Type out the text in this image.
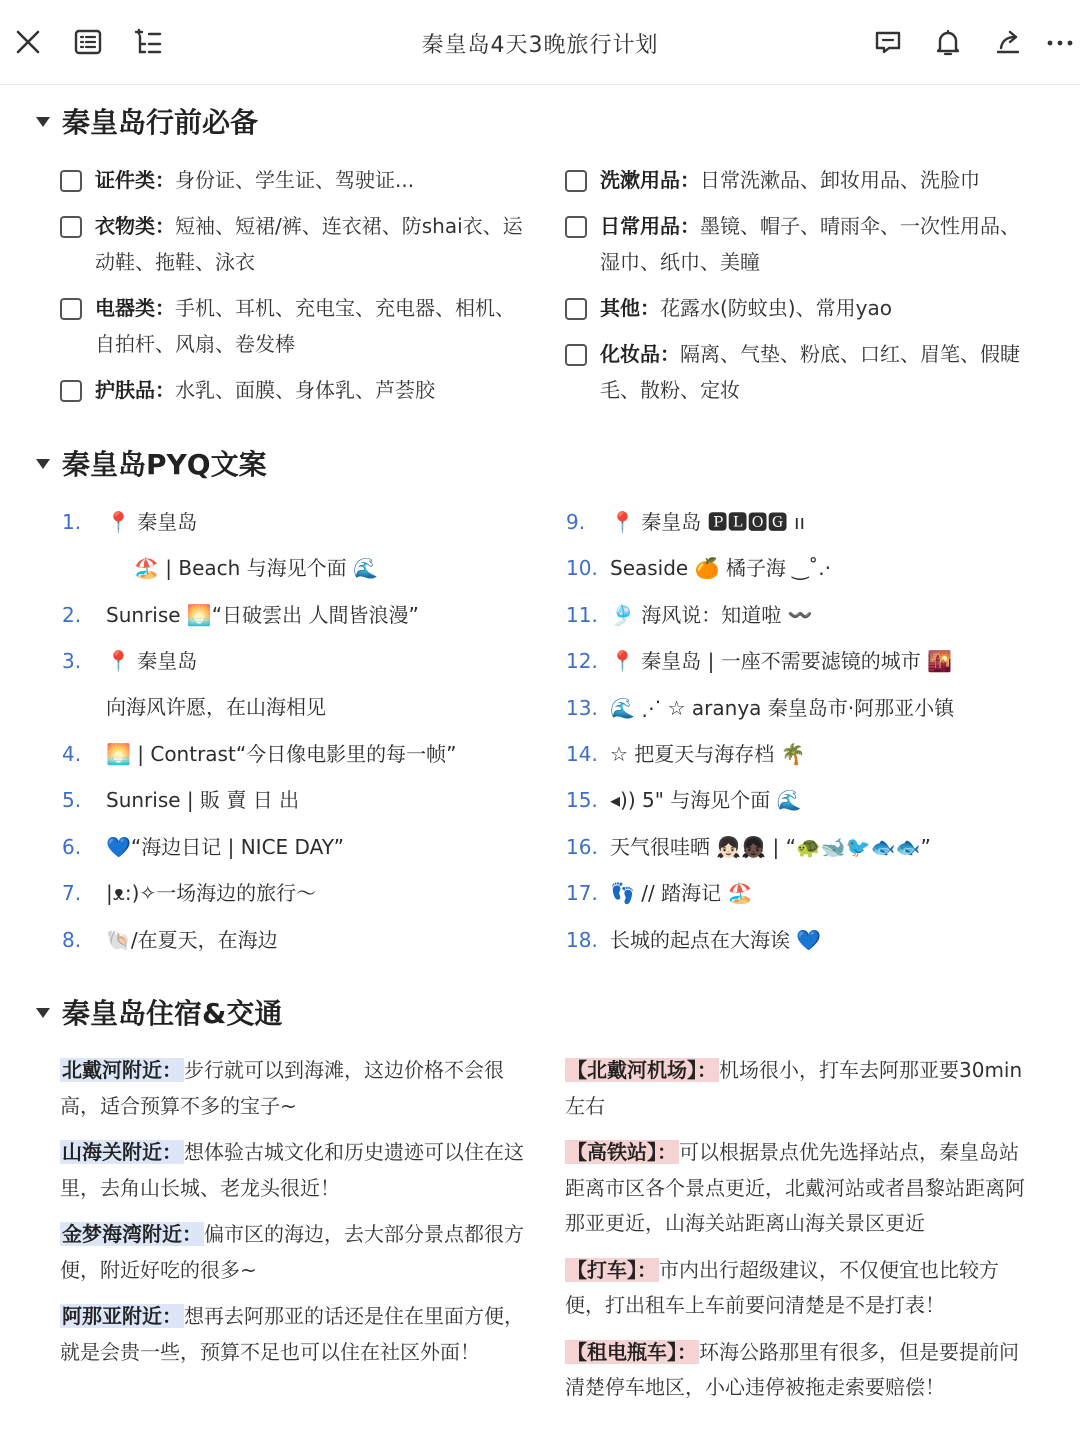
秦皇岛4天3晚旅行计划
秦皇岛行前必备
证件类：身份证、学生证、驾驶证...
衣物类：短袖、短裙/裤、连衣裙、防shai衣、运动鞋、拖鞋、泳衣
电器类：手机、耳机、充电宝、充电器、相机、自拍杆、风扇、卷发棒
护肤品：水乳、面膜、身体乳、芦荟胶
洗漱用品：日常洗漱品、卸妆用品、洗脸巾
日常用品：墨镜、帽子、晴雨伞、一次性用品、湿巾、纸巾、美瞳
其他：花露水(防蚊虫)、常用yao
化妆品：隔离、气垫、粉底、口红、眉笔、假睫毛、散粉、定妆
秦皇岛PYQ文案
1.	📍 秦皇岛
🏖️ | Beach 与海见个面 🌊
2.	Sunrise 🌅“日破雲出 人間皆浪漫”
3.	📍 秦皇岛
向海风许愿，在山海相见
4.	🌅 | Contrast“今日像电影里的每一帧”
5.	Sunrise | 販 賣 日 出
6.	💙“海边日记 | NICE DAY”
7.	|ᴥ:)✧一场海边的旅行～
8.	🐚/在夏天，在海边
9.	📍 秦皇岛 🅿🅻🅾🅶 ıı
10. Seaside 🍊 橘子海 ‿˚.·
11. 🎐 海风说：知道啦 〰️
12. 📍 秦皇岛 | 一座不需要滤镜的城市 🌇
13. 🌊 ⋰ ☆ aranya 秦皇岛市·阿那亚小镇
14. ☆ 把夏天与海存档 🌴
15. ◂)) 5" 与海见个面 🌊
16. 天气很哇晒 👧🏻👧🏿 | “🐢🐋🐦🐟🐟”
17. 👣 // 踏海记 🏖️
18. 长城的起点在大海诶 💙
秦皇岛住宿&交通
北戴河附近： 步行就可以到海滩，这边价格不会很高，适合预算不多的宝子~
山海关附近： 想体验古城文化和历史遗迹可以住在这里，去角山长城、老龙头很近！
金梦海湾附近： 偏市区的海边，去大部分景点都很方便，附近好吃的很多~
阿那亚附近： 想再去阿那亚的话还是住在里面方便，就是会贵一些，预算不足也可以住在社区外面！
【北戴河机场】： 机场很小，打车去阿那亚要30min左右
【高铁站】： 可以根据景点优先选择站点，秦皇岛站距离市区各个景点更近，北戴河站或者昌黎站距离阿那亚更近，山海关站距离山海关景区更近
【打车】： 市内出行超级建议，不仅便宜也比较方便，打出租车上车前要问清楚是不是打表！
【租电瓶车】： 环海公路那里有很多，但是要提前问清楚停车地区，小心违停被拖走索要赔偿！
